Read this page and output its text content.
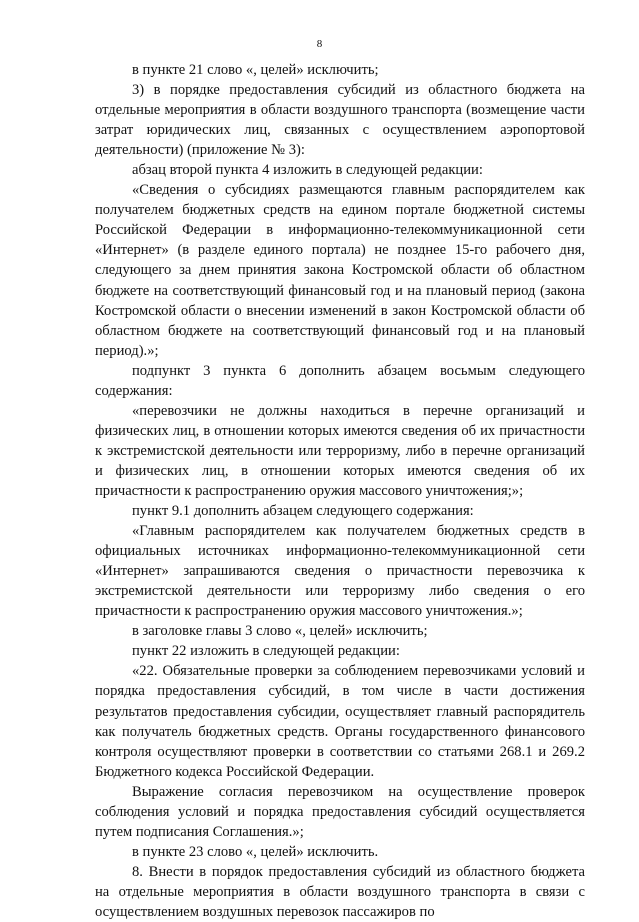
8

в пункте 21 слово «, целей» исключить;

3) в порядке предоставления субсидий из областного бюджета на отдельные мероприятия в области воздушного транспорта (возмещение части затрат юридических лиц, связанных с осуществлением аэропортовой деятельности) (приложение № 3):

абзац второй пункта 4 изложить в следующей редакции:

«Сведения о субсидиях размещаются главным распорядителем как получателем бюджетных средств на едином портале бюджетной системы Российской Федерации в информационно-телекоммуникационной сети «Интернет» (в разделе единого портала) не позднее 15-го рабочего дня, следующего за днем принятия закона Костромской области об областном бюджете на соответствующий финансовый год и на плановый период (закона Костромской области о внесении изменений в закон Костромской области об областном бюджете на соответствующий финансовый год и на плановый период).»;

подпункт 3 пункта 6 дополнить абзацем восьмым следующего содержания:

«перевозчики не должны находиться в перечне организаций и физических лиц, в отношении которых имеются сведения об их причастности к экстремистской деятельности или терроризму, либо в перечне организаций и физических лиц, в отношении которых имеются сведения об их причастности к распространению оружия массового уничтожения;»;

пункт 9.1 дополнить абзацем следующего содержания:

«Главным распорядителем как получателем бюджетных средств в официальных источниках информационно-телекоммуникационной сети «Интернет» запрашиваются сведения о причастности перевозчика к экстремистской деятельности или терроризму либо сведения о его причастности к распространению оружия массового уничтожения.»;

в заголовке главы 3 слово «, целей» исключить;

пункт 22 изложить в следующей редакции:

«22. Обязательные проверки за соблюдением перевозчиками условий и порядка предоставления субсидий, в том числе в части достижения результатов предоставления субсидии, осуществляет главный распорядитель как получатель бюджетных средств. Органы государственного финансового контроля осуществляют проверки в соответствии со статьями 268.1 и 269.2 Бюджетного кодекса Российской Федерации.

Выражение согласия перевозчиком на осуществление проверок соблюдения условий и порядка предоставления субсидий осуществляется путем подписания Соглашения.»;

в пункте 23 слово «, целей» исключить.

8. Внести в порядок предоставления субсидий из областного бюджета на отдельные мероприятия в области воздушного транспорта в связи с осуществлением воздушных перевозок пассажиров по
